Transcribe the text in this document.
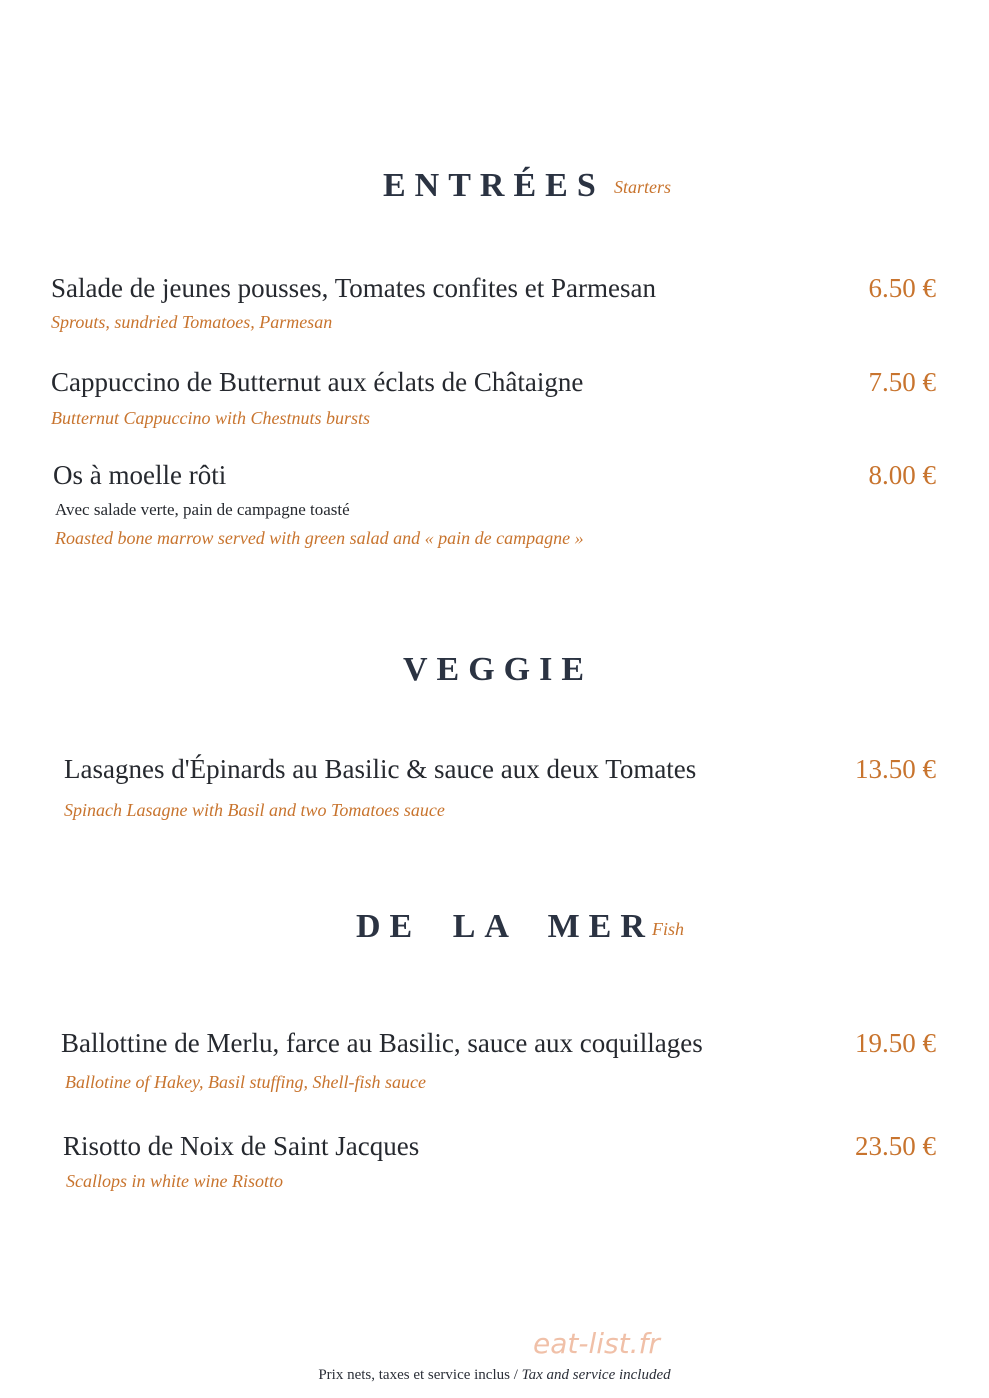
ENTRÉES Starters
Salade de jeunes pousses, Tomates confites et Parmesan
Sprouts, sundried Tomatoes, Parmesan
6.50 €
Cappuccino de Butternut aux éclats de Châtaigne
Butternut Cappuccino with Chestnuts bursts
7.50 €
Os à moelle rôti
Avec salade verte, pain de campagne toasté
Roasted bone marrow served with green salad and « pain de campagne »
8.00 €
VEGGIE
Lasagnes d'Épinards au Basilic & sauce aux deux Tomates
Spinach Lasagne with Basil and two Tomatoes sauce
13.50 €
DE LA MER
Fish
Ballottine de Merlu, farce au Basilic, sauce aux coquillages
Ballotine of Hakey, Basil stuffing, Shell-fish sauce
19.50 €
Risotto de Noix de Saint Jacques
Scallops in white wine Risotto
23.50 €
eat-list.fr
Prix nets, taxes et service inclus / Tax and service included
